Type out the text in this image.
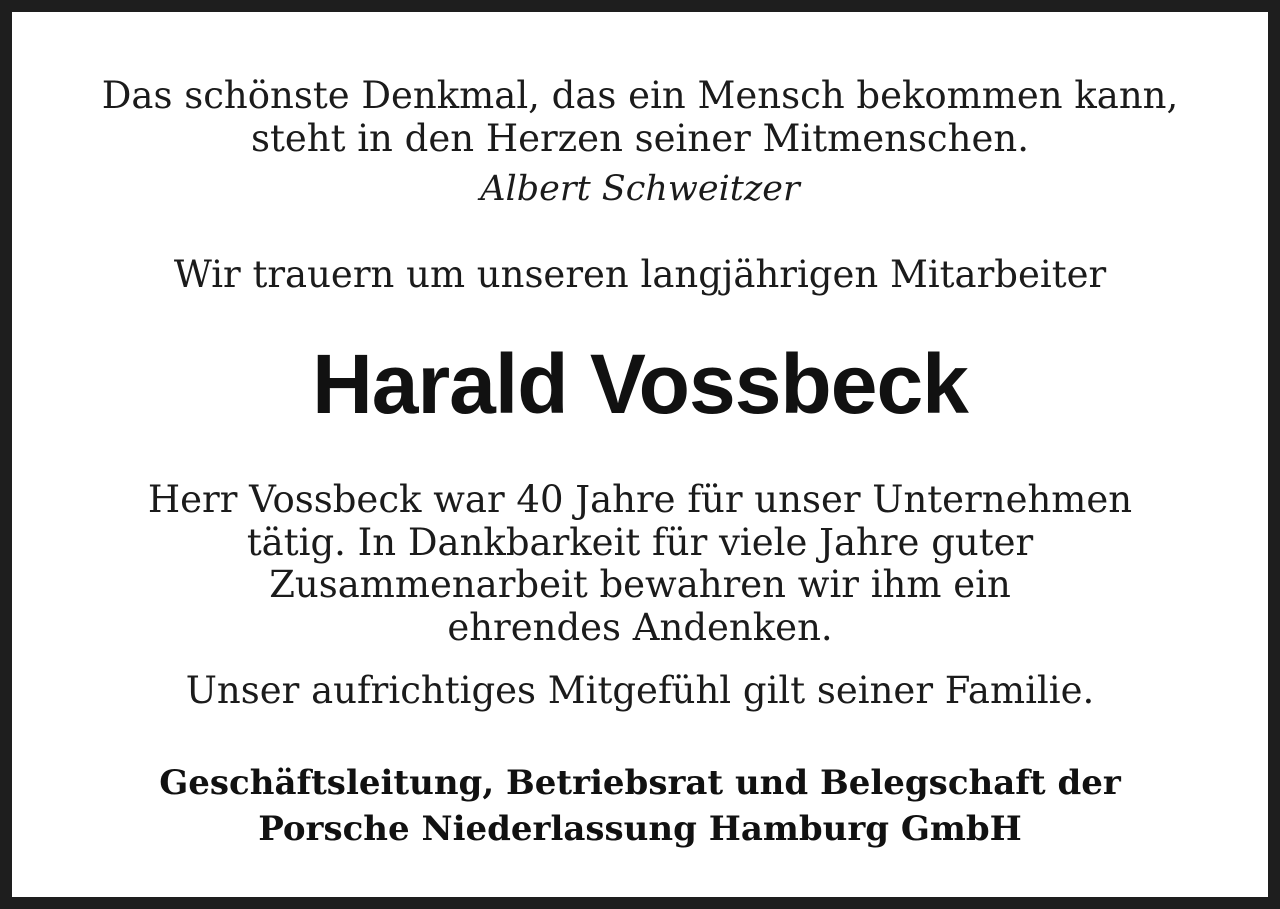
Das schönste Denkmal, das ein Mensch bekommen kann,
steht in den Herzen seiner Mitmenschen.
Albert Schweitzer
Wir trauern um unseren langjährigen Mitarbeiter
Harald Vossbeck
Herr Vossbeck war 40 Jahre für unser Unternehmen
tätig. In Dankbarkeit für viele Jahre guter
Zusammenarbeit bewahren wir ihm ein
ehrendes Andenken.
Unser aufrichtiges Mitgefühl gilt seiner Familie.
Geschäftsleitung, Betriebsrat und Belegschaft der
Porsche Niederlassung Hamburg GmbH
